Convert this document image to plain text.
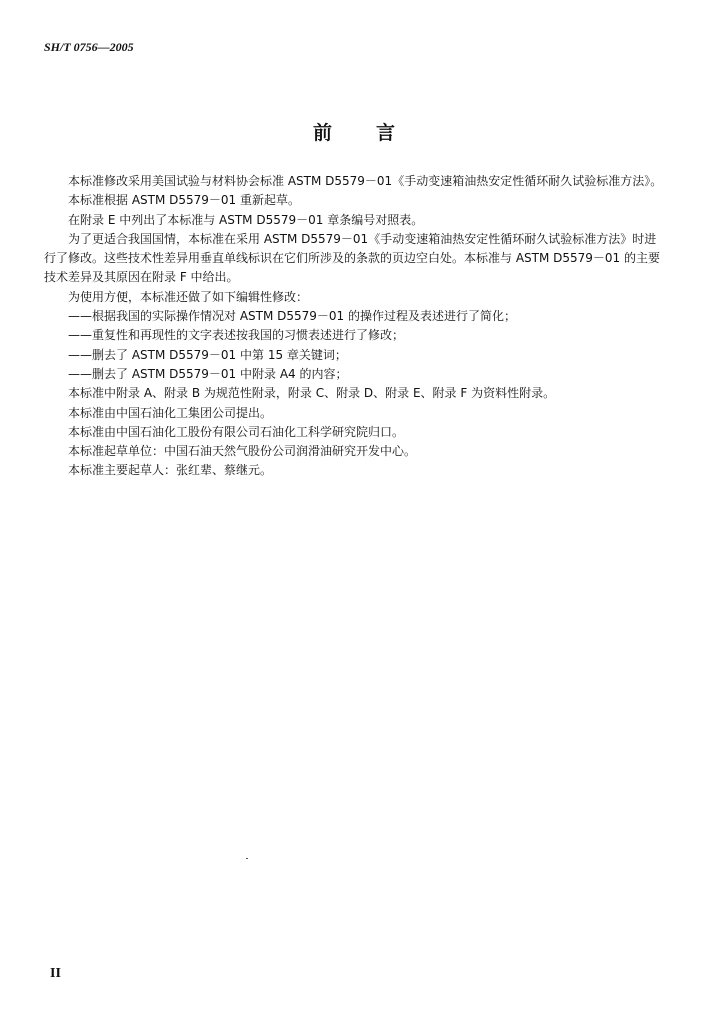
SH/T 0756—2005
前言

本标准修改采用美国试验与材料协会标准 ASTM D5579－01《手动变速箱油热安定性循环耐久试验标准方法》。

本标准根据 ASTM D5579－01 重新起草。

在附录 E 中列出了本标准与 ASTM D5579－01 章条编号对照表。

为了更适合我国国情，本标准在采用 ASTM D5579－01《手动变速箱油热安定性循环耐久试验标准方法》时进行了修改。这些技术性差异用垂直单线标识在它们所涉及的条款的页边空白处。本标准与 ASTM D5579－01 的主要技术差异及其原因在附录 F 中给出。

为使用方便，本标准还做了如下编辑性修改：

——根据我国的实际操作情况对 ASTM D5579－01 的操作过程及表述进行了简化；

——重复性和再现性的文字表述按我国的习惯表述进行了修改；

——删去了 ASTM D5579－01 中第 15 章关键词；

——删去了 ASTM D5579－01 中附录 A4 的内容；

本标准中附录 A、附录 B 为规范性附录，附录 C、附录 D、附录 E、附录 F 为资料性附录。

本标准由中国石油化工集团公司提出。

本标准由中国石油化工股份有限公司石油化工科学研究院归口。

本标准起草单位：中国石油天然气股份公司润滑油研究开发中心。

本标准主要起草人：张红辈、蔡继元。

II
